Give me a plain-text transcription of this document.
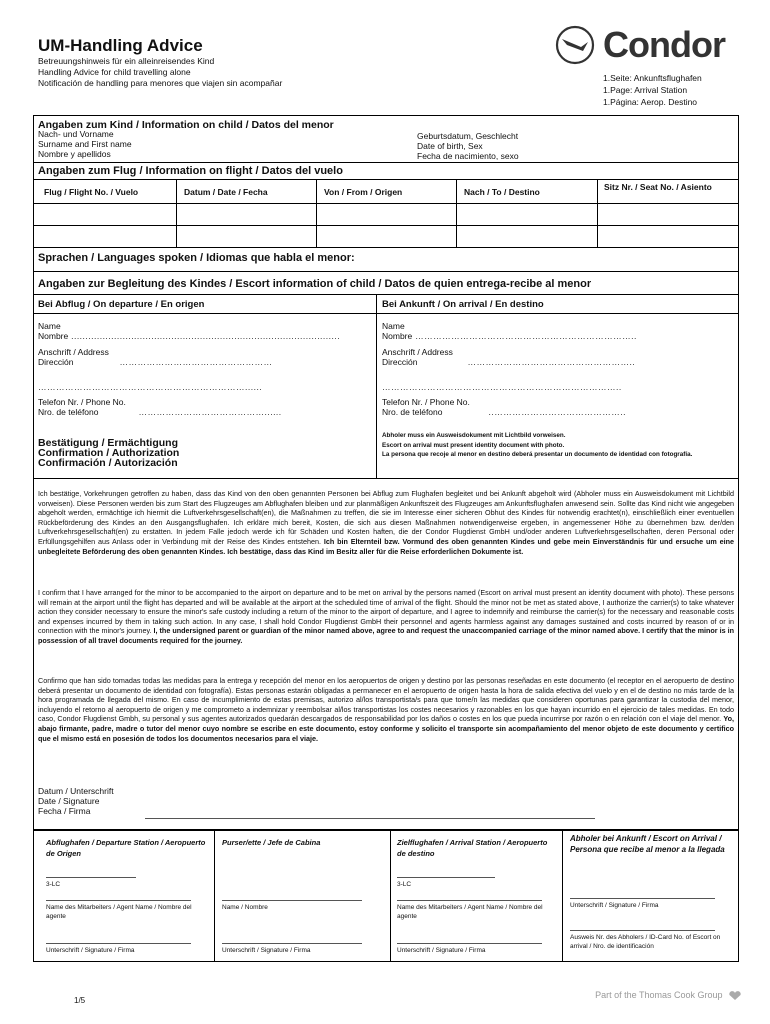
UM-Handling Advice
Betreuungshinweis für ein alleinreisendes Kind
Handling Advice for child travelling alone
Notificación de handling para menores que viajen sin acompañar
Condor
1.Seite: Ankunftsflughafen
1.Page: Arrival Station
1.Página: Aerop. Destino
Angaben zum Kind / Information on child / Datos del menor
Nach- und Vorname
Surname and First name
Nombre y apellidos
Geburtsdatum, Geschlecht
Date of birth, Sex
Fecha de nacimiento, sexo
Angaben zum Flug / Information on flight / Datos del vuelo
Flug / Flight No. / Vuelo	Datum / Date / Fecha	Von / From / Origen	Nach / To / Destino	Sitz Nr. / Seat No. / Asiento
Sprachen / Languages spoken / Idiomas que habla el menor:
Angaben zur Begleitung des Kindes / Escort information of child / Datos de quien entrega-recibe al menor
Bei Abflug / On departure / En origen	Bei Ankunft / On arrival / En destino
Name
Nombre ..............................................................................................
Anschrift / Address
Dirección	……………………………………………
……………………………………………………………......
Telefon Nr. / Phone No.
Nro. de teléfono	……………………………………......
Name
Nombre ………………………………………………………………..
Anschrift / Address
Dirección	………………………………………………..
……………………………………………………………………..
Telefon Nr. / Phone No.
Nro. de teléfono	..……………………………………..
Bestätigung / Ermächtigung
Confirmation / Authorization
Confirmación / Autorización
Abholer muss ein Ausweisdokument mit Lichtbild vorweisen.
Escort on arrival must present identity document with photo.
La persona que recoje al menor en destino deberá presentar un documento de identidad con fotografía.
Ich bestätige, Vorkehrungen getroffen zu haben, dass das Kind von den oben genannten Personen bei Abflug zum Flughafen begleitet und bei Ankunft abgeholt wird (Abholer muss ein Ausweisdokument mit Lichtbild vorweisen). Diese Personen werden bis zum Start des Flugzeuges am Abflughafen bleiben und zur planmäßigen Ankunftszeit des Flugzeuges am Ankunftsflughafen anwesend sein. Sollte das Kind nicht wie angegeben abgeholt werden, ermächtige ich hiermit die Luftverkehrsgesellschaft(en), die Maßnahmen zu treffen, die sie im Interesse einer sicheren Obhut des Kindes für notwendig erachtet(n), einschließlich einer eventuellen Rückbeförderung des Kindes an den Ausgangsflughafen. Ich erkläre mich bereit, Kosten, die sich aus diesen Maßnahmen notwendigerweise ergeben, in angemessener Höhe zu übernehmen bzw. der/den Luftverkehrsgesellschaft(en) zu erstatten. In jedem Falle jedoch werde ich für Schäden und Kosten haften, die der Condor Flugdienst GmbH und/oder anderen Luftverkehrsgesellschaften, deren Personal oder Erfüllungsgehilfen aus Anlass oder in Verbindung mit der Reise des Kindes entstehen. Ich bin Elternteil bzw. Vormund des oben genannten Kindes und gebe mein Einverständnis für und ersuche um eine unbegleitete Beförderung des oben genannten Kindes. Ich bestätige, dass das Kind im Besitz aller für die Reise erforderlichen Dokumente ist.
I confirm that I have arranged for the minor to be accompanied to the airport on departure and to be met on arrival by the persons named (Escort on arrival must present an identity document with photo). These persons will remain at the airport until the flight has departed and will be available at the airport at the scheduled time of arrival of the flight. Should the minor not be met as stated above, I authorize the carrier(s) to take whatever action they consider necessary to ensure the minor's safe custody including a return of the minor to the airport of departure, and I agree to indemnify and reimburse the carrier(s) for the necessary and reasonable costs and expenses incurred by them in taking such action. In any case, I shall hold Condor Flugdienst GmbH their personnel and agents harmless against any damages sustained and costs incurred by reason of or in connection with the minor's journey. I, the undersigned parent or guardian of the minor named above, agree to and request the unaccompanied carriage of the minor named above. I certify that the minor is in possession of all travel documents required for the journey.
Confirmo que han sido tomadas todas las medidas para la entrega y recepción del menor en los aeropuertos de origen y destino por las personas reseñadas en este documento (el receptor en el aeropuerto de destino deberá presentar un documento de identidad con fotografía). Estas personas estarán obligadas a permanecer en el aeropuerto de origen hasta la hora de salida efectiva del vuelo y en el de destino no más tarde de la hora programada de llegada del mismo. En caso de incumplimiento de estas premisas, autorizo al/los transportista/s para que tome/n las medidas que consideren oportunas para garantizar la custodia del menor, incluyendo el retorno al aeropuerto de origen y me comprometo a indemnizar y reembolsar al/los transportistas los costes necesarios y razonables en los que hayan incurrido en el ejercicio de tales medidas. En todo caso, Condor Flugdienst Gmbh, su personal y sus agentes autorizados quedarán descargados de responsabilidad por los daños o costes en los que pueda incurrirse por razón o en relación con el viaje del menor. Yo, abajo firmante, padre, madre o tutor del menor cuyo nombre se escribe en este documento, estoy conforme y solicito el transporte sin acompañamiento del menor objeto de este documento y certifico que el mismo está en posesión de todos los documentos necesarios para el viaje.
Datum / Unterschrift
Date / Signature
Fecha / Firma
Abflughafen / Departure Station / Aeropuerto de Origen
3-LC
Name des Mitarbeiters / Agent Name / Nombre del agente
Unterschrift / Signature / Firma
Purser/ette / Jefe de Cabina
Name / Nombre
Unterschrift / Signature / Firma
Zielflughafen / Arrival Station / Aeropuerto de destino
3-LC
Name des Mitarbeiters / Agent Name / Nombre del agente
Unterschrift / Signature / Firma
Abholer bei Ankunft / Escort on Arrival / Persona que recibe al menor a la llegada
Unterschrift / Signature / Firma
Ausweis Nr. des Abholers / ID-Card No. of Escort on arrival / Nro. de identificación
1/5
Part of the Thomas Cook Group
